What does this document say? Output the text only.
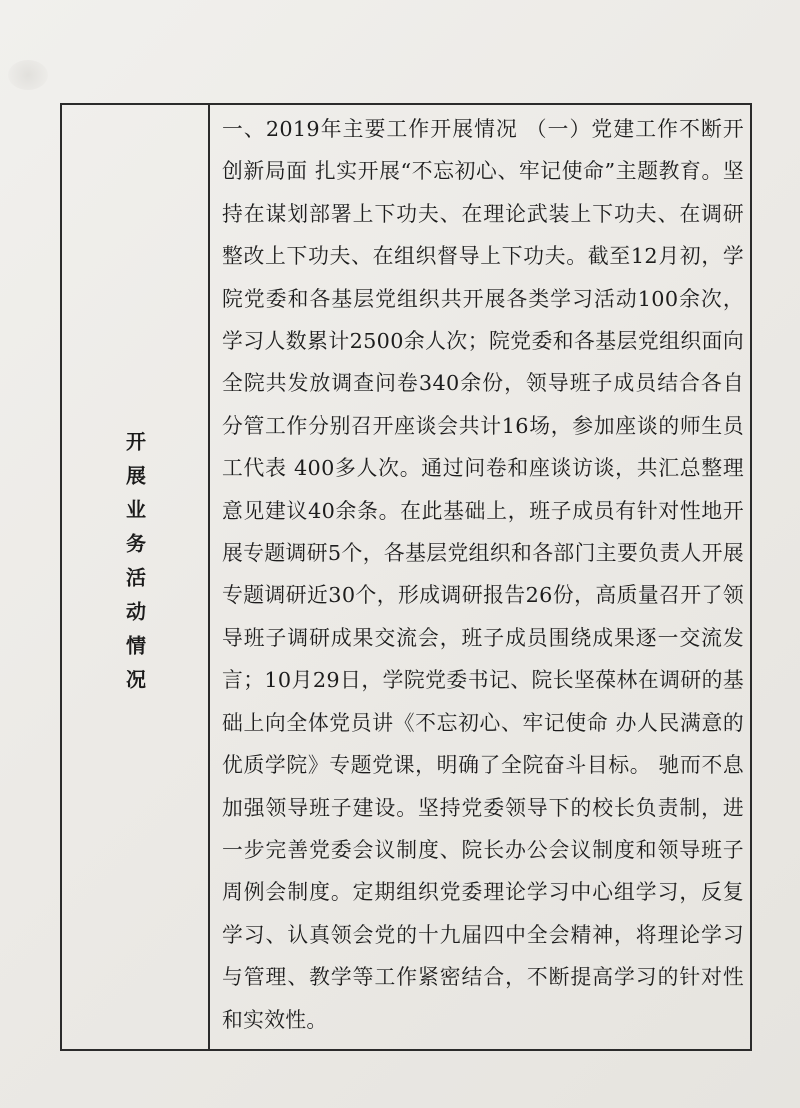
开展业务活动情况

一、2019年主要工作开展情况 （一）党建工作不断开创新局面 扎实开展“不忘初心、牢记使命”主题教育。坚持在谋划部署上下功夫、在理论武装上下功夫、在调研整改上下功夫、在组织督导上下功夫。截至12月初，学院党委和各基层党组织共开展各类学习活动100余次，学习人数累计2500余人次；院党委和各基层党组织面向全院共发放调查问卷340余份，领导班子成员结合各自分管工作分别召开座谈会共计16场，参加座谈的师生员工代表 400多人次。通过问卷和座谈访谈，共汇总整理意见建议40余条。在此基础上，班子成员有针对性地开展专题调研5个，各基层党组织和各部门主要负责人开展专题调研近30个，形成调研报告26份，高质量召开了领导班子调研成果交流会，班子成员围绕成果逐一交流发言；10月29日，学院党委书记、院长坚葆林在调研的基础上向全体党员讲《不忘初心、牢记使命 办人民满意的优质学院》专题党课，明确了全院奋斗目标。 驰而不息加强领导班子建设。坚持党委领导下的校长负责制，进一步完善党委会议制度、院长办公会议制度和领导班子周例会制度。定期组织党委理论学习中心组学习，反复学习、认真领会党的十九届四中全会精神，将理论学习与管理、教学等工作紧密结合，不断提高学习的针对性和实效性。
